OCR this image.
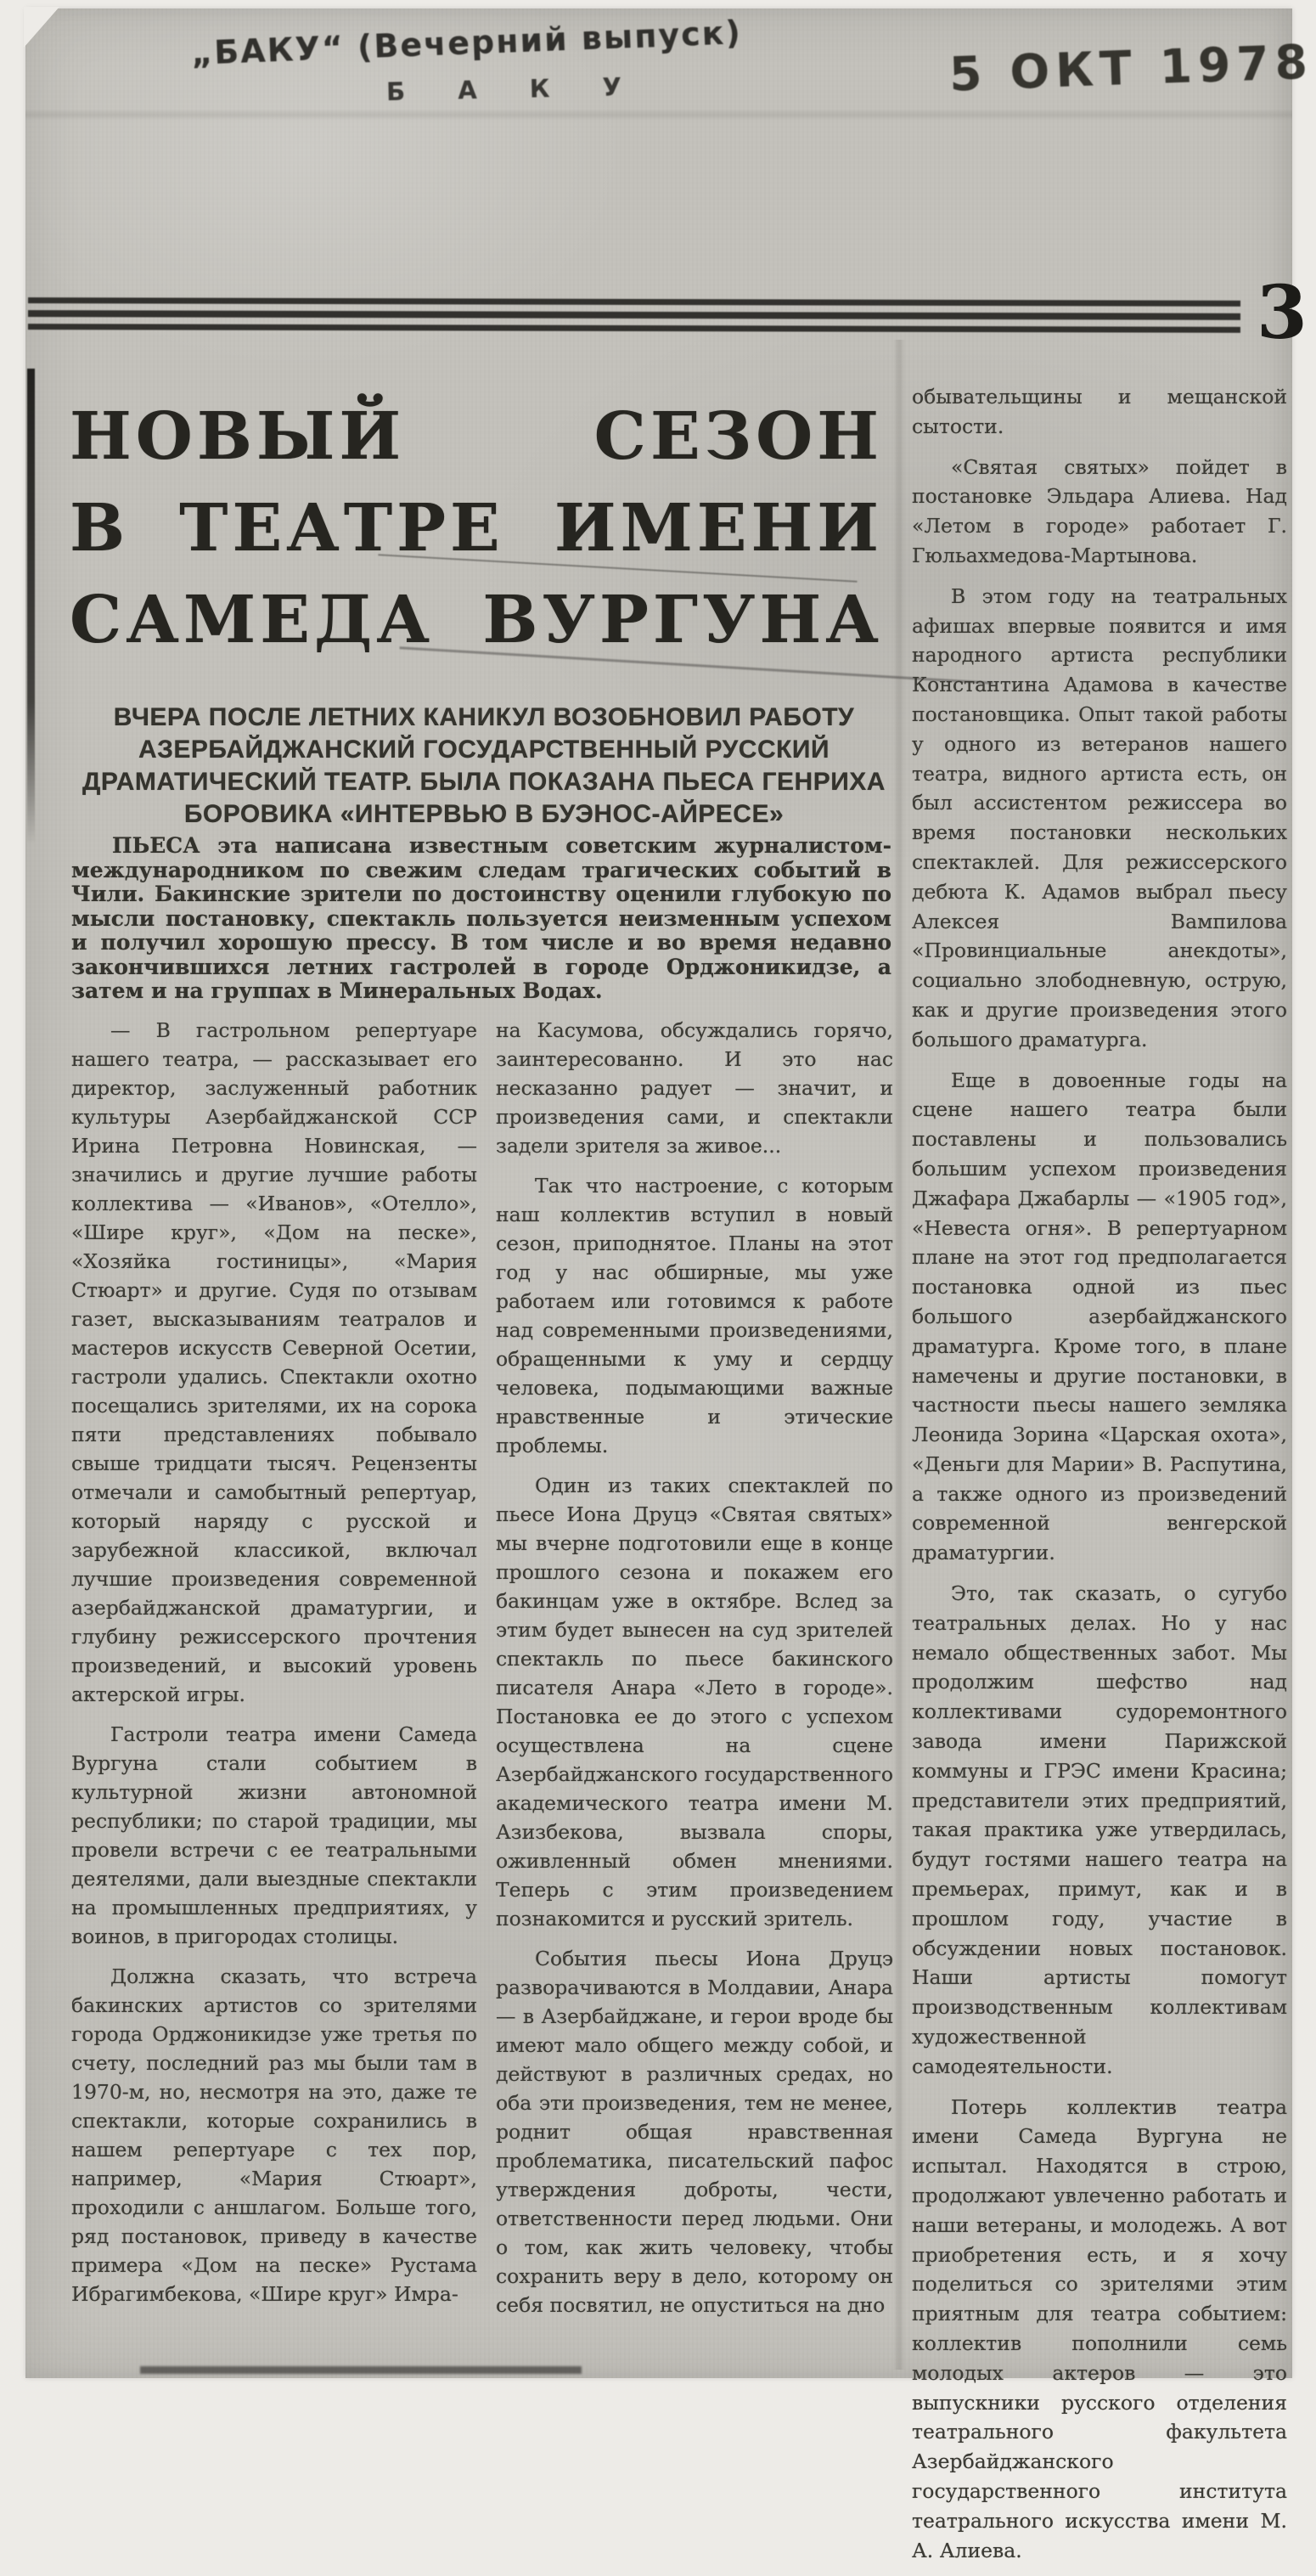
„БАКУ“ (Вечерний выпуск)
Б А К У	5 ОКТ 1978
3
НОВЫЙ СЕЗОН
В ТЕАТРЕ ИМЕНИ
САМЕДА ВУРГУНА
ВЧЕРА ПОСЛЕ ЛЕТНИХ КАНИКУЛ ВОЗОБНОВИЛ РАБОТУ АЗЕРБАЙДЖАНСКИЙ ГОСУДАРСТВЕННЫЙ РУССКИЙ ДРАМАТИЧЕСКИЙ ТЕАТР. БЫЛА ПОКАЗАНА ПЬЕСА ГЕНРИХА БОРОВИКА «ИНТЕРВЬЮ В БУЭНОС-АЙРЕСЕ»
ПЬЕСА эта написана известным советским журналистом-международником по свежим следам трагических событий в Чили. Бакинские зрители по достоинству оценили глубокую по мысли постановку, спектакль пользуется неизменным успехом и получил хорошую прессу. В том числе и во время недавно закончившихся летних гастролей в городе Орджоникидзе, а затем и на группах в Минеральных Водах.

— В гастрольном репертуаре нашего театра, — рассказывает его директор, заслуженный работник культуры Азербайджанской ССР Ирина Петровна Новинская, — значились и другие лучшие работы коллектива — «Иванов», «Отелло», «Шире круг», «Дом на песке», «Хозяйка гостиницы», «Мария Стюарт» и другие. Судя по отзывам газет, высказываниям театралов и мастеров искусств Северной Осетии, гастроли удались. Спектакли охотно посещались зрителями, их на сорока пяти представлениях побывало свыше тридцати тысяч. Рецензенты отмечали и самобытный репертуар, который наряду с русской и зарубежной классикой, включал лучшие произведения современной азербайджанской драматургии, и глубину режиссерского прочтения произведений, и высокий уровень актерской игры.

Гастроли театра имени Самеда Вургуна стали событием в культурной жизни автономной республики; по старой традиции, мы провели встречи с ее театральными деятелями, дали выездные спектакли на промышленных предприятиях, у воинов, в пригородах столицы.

Должна сказать, что встреча бакинских артистов со зрителями города Орджоникидзе уже третья по счету, последний раз мы были там в 1970-м, но, несмотря на это, даже те спектакли, которые сохранились в нашем репертуаре с тех пор, например, «Мария Стюарт», проходили с аншлагом. Больше того, ряд постановок, приведу в качестве примера «Дом на песке» Рустама Ибрагимбекова, «Шире круг» Имра-

на Касумова, обсуждались горячо, заинтересованно. И это нас несказанно радует — значит, и произведения сами, и спектакли задели зрителя за живое...

Так что настроение, с которым наш коллектив вступил в новый сезон, приподнятое. Планы на этот год у нас обширные, мы уже работаем или готовимся к работе над современными произведениями, обращенными к уму и сердцу человека, подымающими важные нравственные и этические проблемы.

Один из таких спектаклей по пьесе Иона Друцэ «Святая святых» мы вчерне подготовили еще в конце прошлого сезона и покажем его бакинцам уже в октябре. Вслед за этим будет вынесен на суд зрителей спектакль по пьесе бакинского писателя Анара «Лето в городе». Постановка ее до этого с успехом осуществлена на сцене Азербайджанского государственного академического театра имени М. Азизбекова, вызвала споры, оживленный обмен мнениями. Теперь с этим произведением познакомится и русский зритель.

События пьесы Иона Друцэ разворачиваются в Молдавии, Анара — в Азербайджане, и герои вроде бы имеют мало общего между собой, и действуют в различных средах, но оба эти произведения, тем не менее, роднит общая нравственная проблематика, писательский пафос утверждения доброты, чести, ответственности перед людьми. Они о том, как жить человеку, чтобы сохранить веру в дело, которому он себя посвятил, не опуститься на дно

обывательщины и мещанской сытости.

«Святая святых» пойдет в постановке Эльдара Алиева. Над «Летом в городе» работает Г. Гюльахмедова-Мартынова.

В этом году на театральных афишах впервые появится и имя народного артиста республики Константина Адамова в качестве постановщика. Опыт такой работы у одного из ветеранов нашего театра, видного артиста есть, он был ассистентом режиссера во время постановки нескольких спектаклей. Для режиссерского дебюта К. Адамов выбрал пьесу Алексея Вампилова «Провинциальные анекдоты», социально злободневную, острую, как и другие произведения этого большого драматурга.

Еще в довоенные годы на сцене нашего театра были поставлены и пользовались большим успехом произведения Джафара Джабарлы — «1905 год», «Невеста огня». В репертуарном плане на этот год предполагается постановка одной из пьес большого азербайджанского драматурга. Кроме того, в плане намечены и другие постановки, в частности пьесы нашего земляка Леонида Зорина «Царская охота», «Деньги для Марии» В. Распутина, а также одного из произведений современной венгерской драматургии.

Это, так сказать, о сугубо театральных делах. Но у нас немало общественных забот. Мы продолжим шефство над коллективами судоремонтного завода имени Парижской коммуны и ГРЭС имени Красина; представители этих предприятий, такая практика уже утвердилась, будут гостями нашего театра на премьерах, примут, как и в прошлом году, участие в обсуждении новых постановок. Наши артисты помогут производственным коллективам художественной самодеятельности.

Потерь коллектив театра имени Самеда Вургуна не испытал. Находятся в строю, продолжают увлеченно работать и наши ветераны, и молодежь. А вот приобретения есть, и я хочу поделиться со зрителями этим приятным для театра событием: коллектив пополнили семь молодых актеров — это выпускники русского отделения театрального факультета Азербайджанского государственного института театрального искусства имени М. А. Алиева.
